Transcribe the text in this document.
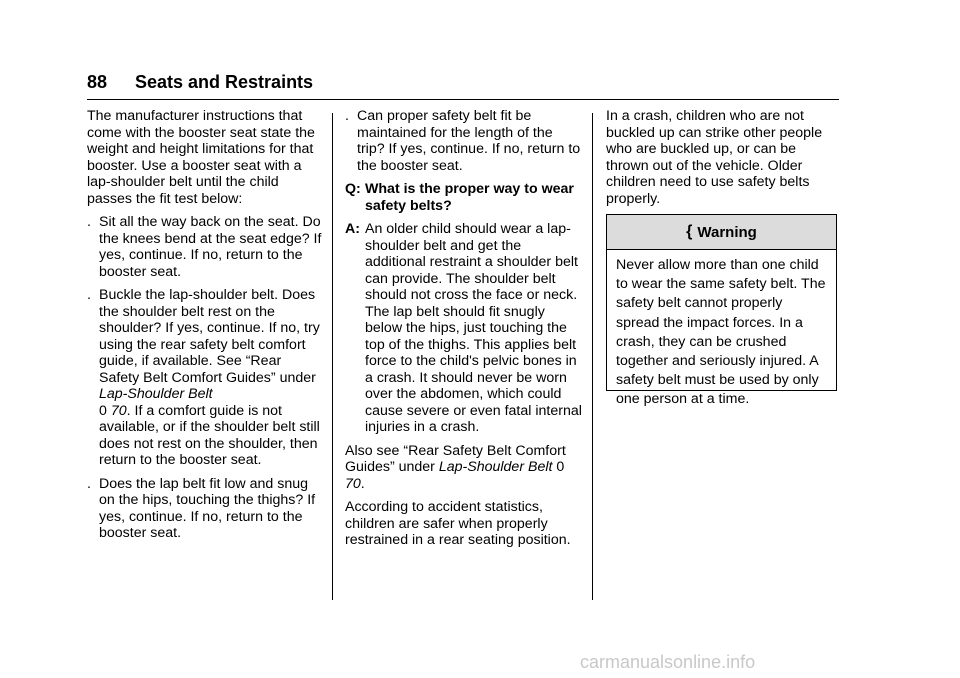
88 Seats and Restraints

The manufacturer instructions that come with the booster seat state the weight and height limitations for that booster. Use a booster seat with a lap-shoulder belt until the child passes the fit test below:

. Sit all the way back on the seat. Do the knees bend at the seat edge? If yes, continue. If no, return to the booster seat.
. Buckle the lap-shoulder belt. Does the shoulder belt rest on the shoulder? If yes, continue. If no, try using the rear safety belt comfort guide, if available. See “Rear Safety Belt Comfort Guides” under Lap-Shoulder Belt
0 70. If a comfort guide is not available, or if the shoulder belt still does not rest on the shoulder, then return to the booster seat.
. Does the lap belt fit low and snug on the hips, touching the thighs? If yes, continue. If no, return to the booster seat.
. Can proper safety belt fit be maintained for the length of the trip? If yes, continue. If no, return to the booster seat.
Q: What is the proper way to wear safety belts?
A: An older child should wear a lap-shoulder belt and get the additional restraint a shoulder belt can provide. The shoulder belt should not cross the face or neck. The lap belt should fit snugly below the hips, just touching the top of the thighs. This applies belt force to the child's pelvic bones in a crash. It should never be worn over the abdomen, which could cause severe or even fatal internal injuries in a crash.

Also see “Rear Safety Belt Comfort Guides” under Lap-Shoulder Belt 0 70.

According to accident statistics, children are safer when properly restrained in a rear seating position.

In a crash, children who are not buckled up can strike other people who are buckled up, or can be thrown out of the vehicle. Older children need to use safety belts properly.

{ Warning
Never allow more than one child to wear the same safety belt. The safety belt cannot properly spread the impact forces. In a crash, they can be crushed together and seriously injured. A safety belt must be used by only one person at a time.
carmanualsonline.info
